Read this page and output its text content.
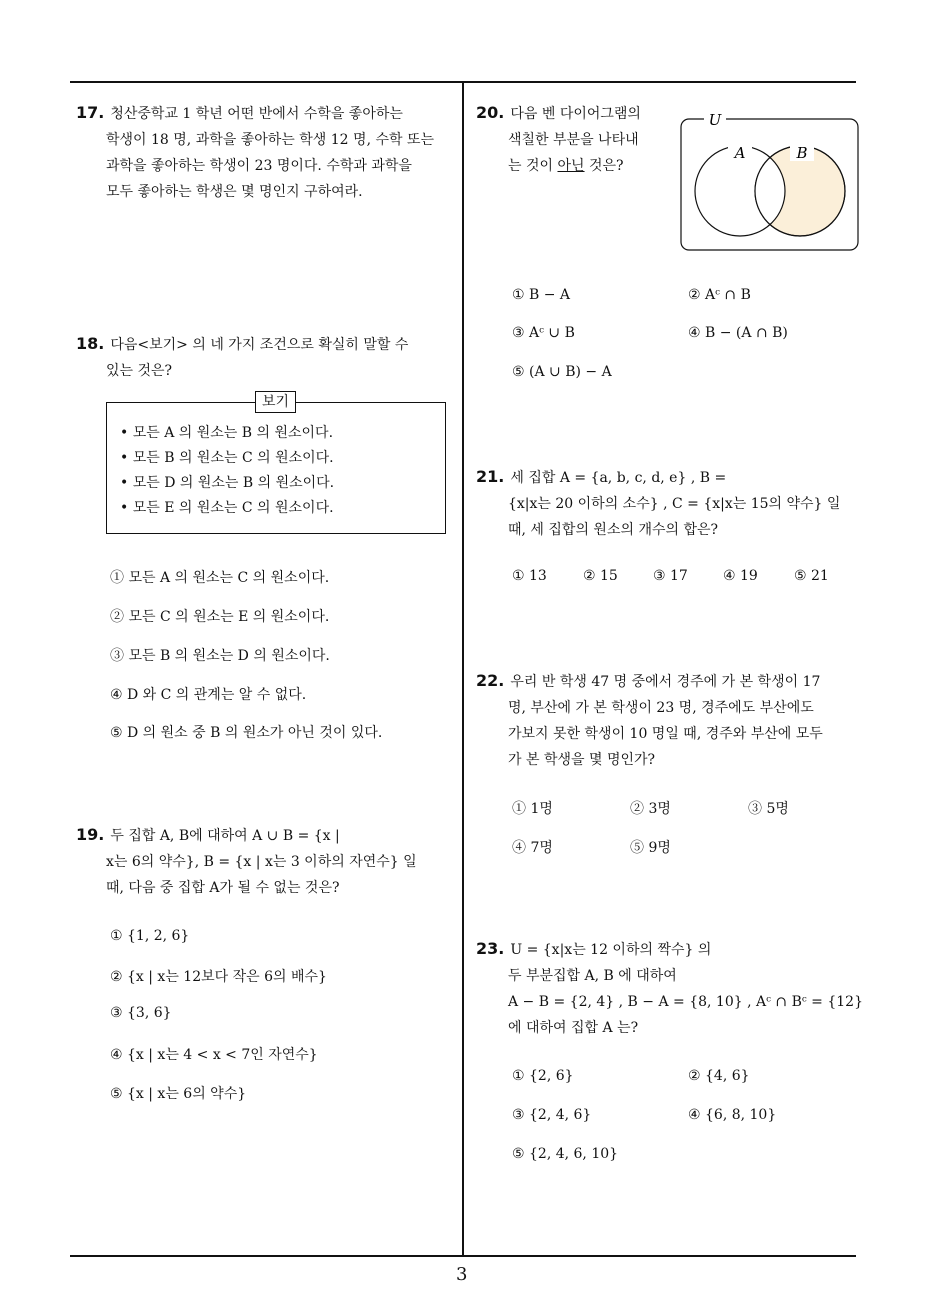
17. 청산중학교 1 학년 어떤 반에서 수학을 좋아하는
학생이 18 명, 과학을 좋아하는 학생 12 명, 수학 또는
과학을 좋아하는 학생이 23 명이다. 수학과 과학을
모두 좋아하는 학생은 몇 명인지 구하여라.
18. 다음<보기> 의 네 가지 조건으로 확실히 말할 수
있는 것은?
보기
• 모든 A 의 원소는 B 의 원소이다.
• 모든 B 의 원소는 C 의 원소이다.
• 모든 D 의 원소는 B 의 원소이다.
• 모든 E 의 원소는 C 의 원소이다.
① 모든 A 의 원소는 C 의 원소이다.
② 모든 C 의 원소는 E 의 원소이다.
③ 모든 B 의 원소는 D 의 원소이다.
④ D 와 C 의 관계는 알 수 없다.
⑤ D 의 원소 중 B 의 원소가 아닌 것이 있다.
19. 두 집합 A, B에 대하여 A ∪ B = {x |
x는 6의 약수}, B = {x | x는 3 이하의 자연수} 일
때, 다음 중 집합 A가 될 수 없는 것은?
① {1, 2, 6}
② {x | x는 12보다 작은 6의 배수}
③ {3, 6}
④ {x | x는 4 < x < 7인 자연수}
⑤ {x | x는 6의 약수}
20. 다음 벤 다이어그램의
색칠한 부분을 나타내
는 것이 아닌 것은?
U
A	B
① B − A	② Aᶜ ∩ B
③ Aᶜ ∪ B	④ B − (A ∩ B)
⑤ (A ∪ B) − A
21. 세 집합 A = {a, b, c, d, e} , B =
{x|x는 20 이하의 소수} , C = {x|x는 15의 약수} 일
때, 세 집합의 원소의 개수의 합은?
① 13	② 15	③ 17	④ 19	⑤ 21
22. 우리 반 학생 47 명 중에서 경주에 가 본 학생이 17
명, 부산에 가 본 학생이 23 명, 경주에도 부산에도
가보지 못한 학생이 10 명일 때, 경주와 부산에 모두
가 본 학생을 몇 명인가?
① 1명	② 3명	③ 5명
④ 7명	⑤ 9명
23. U = {x|x는 12 이하의 짝수} 의
두 부분집합 A, B 에 대하여
A − B = {2, 4} , B − A = {8, 10} , Aᶜ ∩ Bᶜ = {12}
에 대하여 집합 A 는?
① {2, 6}	② {4, 6}
③ {2, 4, 6}	④ {6, 8, 10}
⑤ {2, 4, 6, 10}
3
